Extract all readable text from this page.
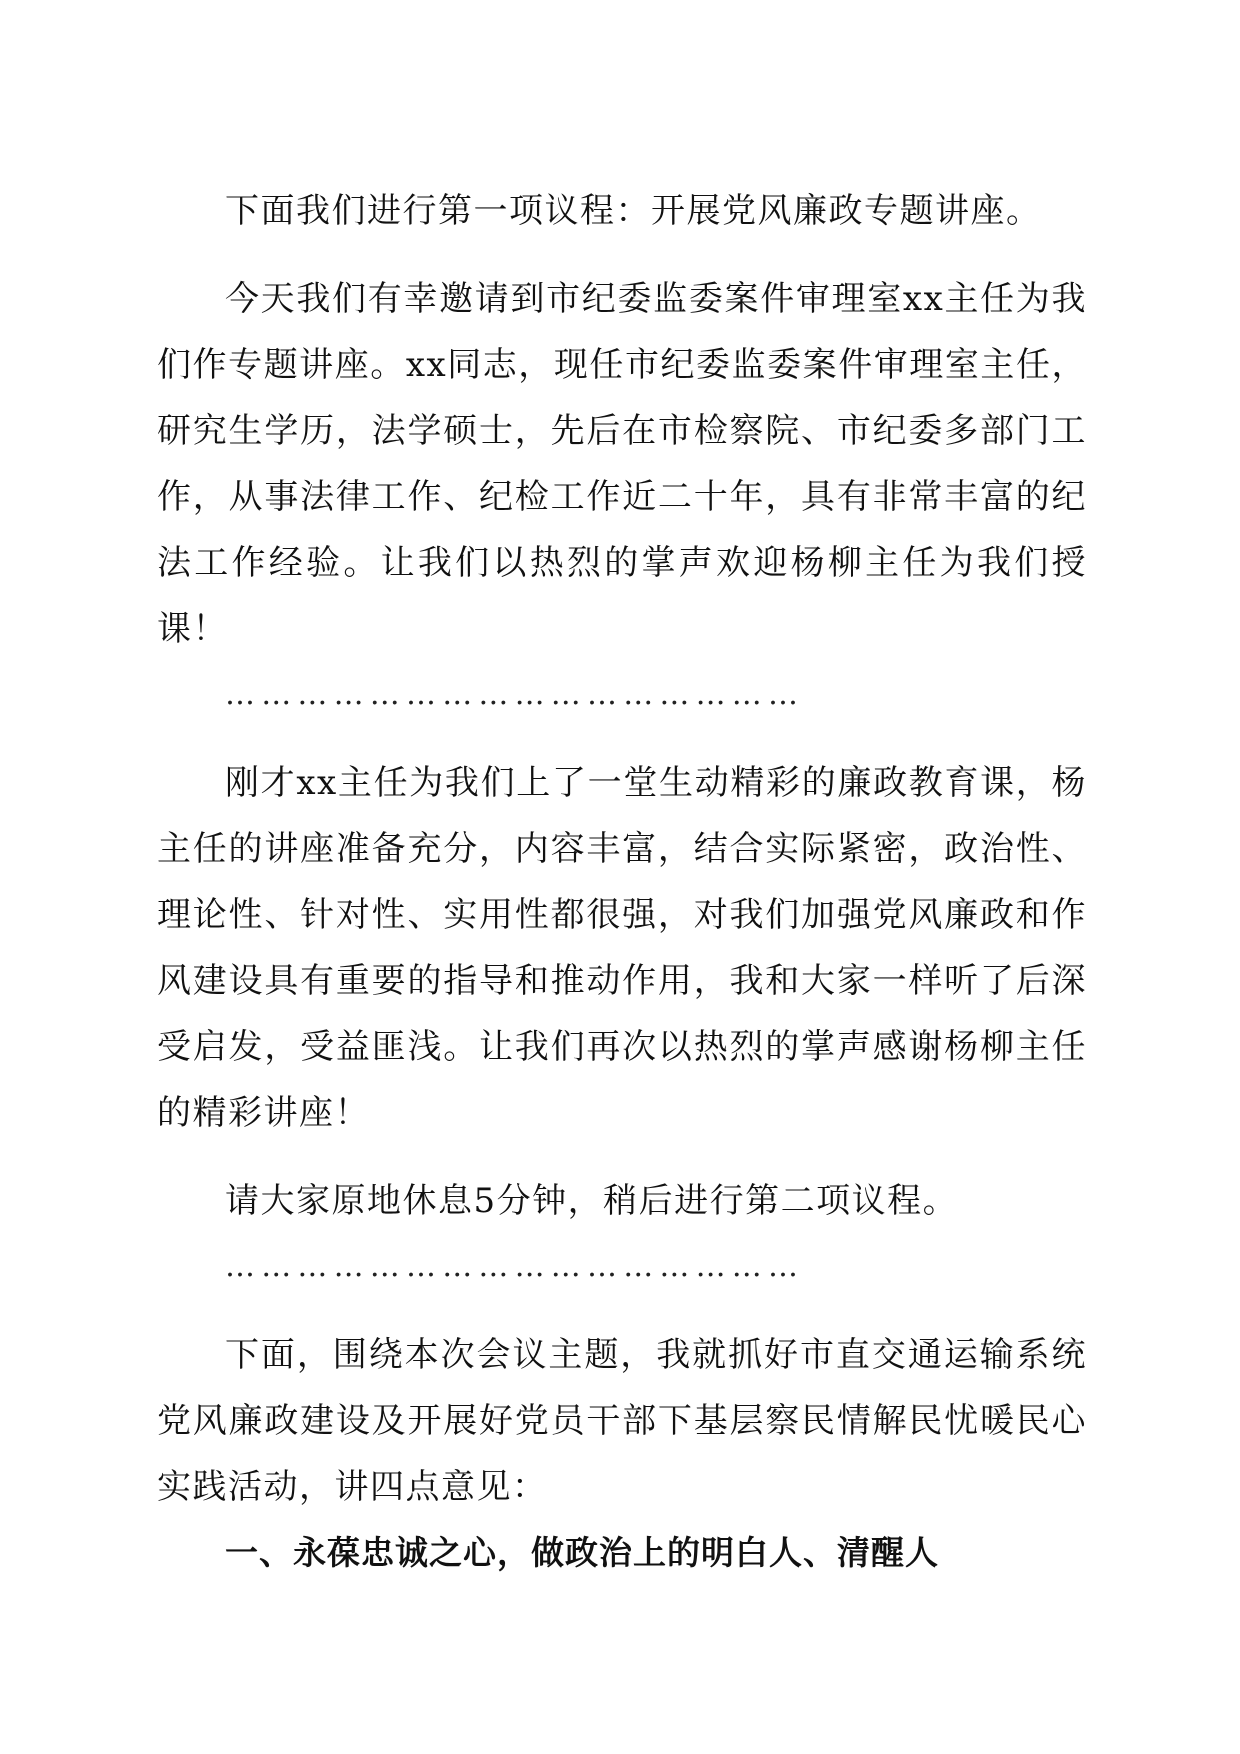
下面我们进行第一项议程：开展党风廉政专题讲座。

今天我们有幸邀请到市纪委监委案件审理室xx主任为我们作专题讲座。xx同志，现任市纪委监委案件审理室主任，研究生学历，法学硕士，先后在市检察院、市纪委多部门工作，从事法律工作、纪检工作近二十年，具有非常丰富的纪法工作经验。让我们以热烈的掌声欢迎杨柳主任为我们授课！

…………………………………………

刚才xx主任为我们上了一堂生动精彩的廉政教育课，杨主任的讲座准备充分，内容丰富，结合实际紧密，政治性、理论性、针对性、实用性都很强，对我们加强党风廉政和作风建设具有重要的指导和推动作用，我和大家一样听了后深受启发，受益匪浅。让我们再次以热烈的掌声感谢杨柳主任的精彩讲座！

请大家原地休息5分钟，稍后进行第二项议程。

…………………………………………

下面，围绕本次会议主题，我就抓好市直交通运输系统党风廉政建设及开展好党员干部下基层察民情解民忧暖民心实践活动，讲四点意见：

一、永葆忠诚之心，做政治上的明白人、清醒人
